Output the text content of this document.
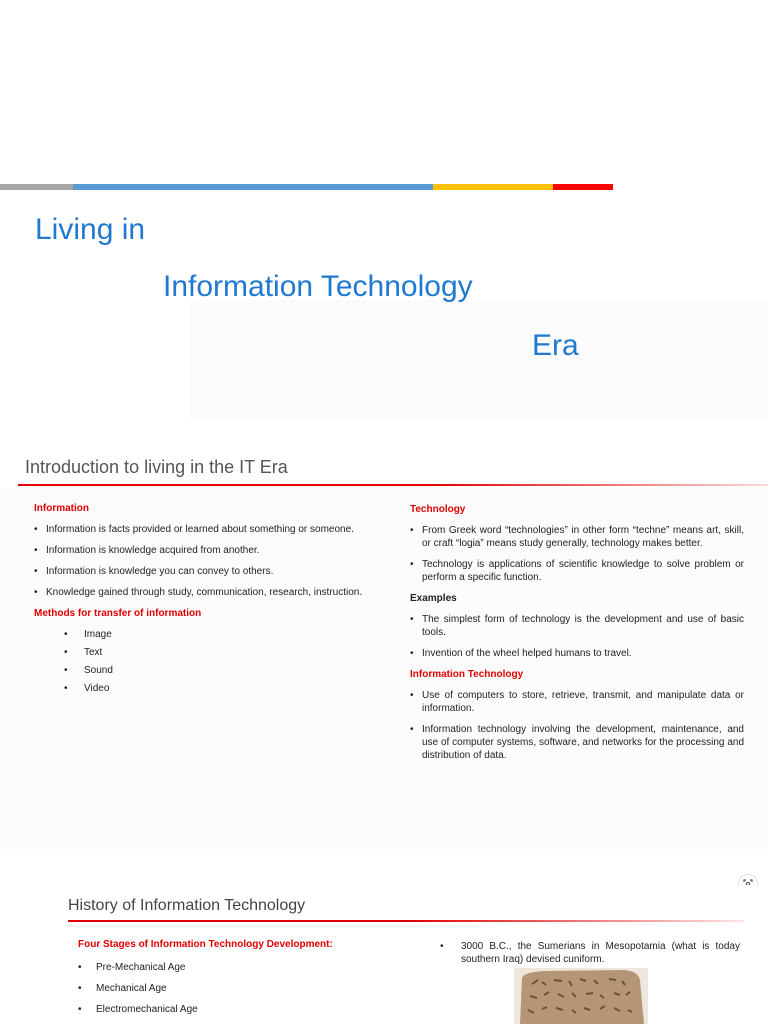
Living in
Information Technology
Era
Introduction to living in the IT Era
Information
• Information is facts provided or learned about something or someone.
• Information is knowledge acquired from another.
• Information is knowledge you can convey to others.
• Knowledge gained through study, communication, research, instruction.
Methods for transfer of information
• Image
• Text
• Sound
• Video
Technology
• From Greek word “technologies” in other form “techne” means art, skill, or craft “logia” means study generally, technology makes better.
• Technology is applications of scientific knowledge to solve problem or perform a specific function.
Examples
• The simplest form of technology is the development and use of basic tools.
• Invention of the wheel helped humans to travel.
Information Technology
• Use of computers to store, retrieve, transmit, and manipulate data or information.
• Information technology involving the development, maintenance, and use of computer systems, software, and networks for the processing and distribution of data.
History of Information Technology
Four Stages of Information Technology Development:
• Pre-Mechanical Age
• Mechanical Age
• Electromechanical Age
• 3000 B.C., the Sumerians in Mesopotamia (what is today southern Iraq) devised cuniform.
